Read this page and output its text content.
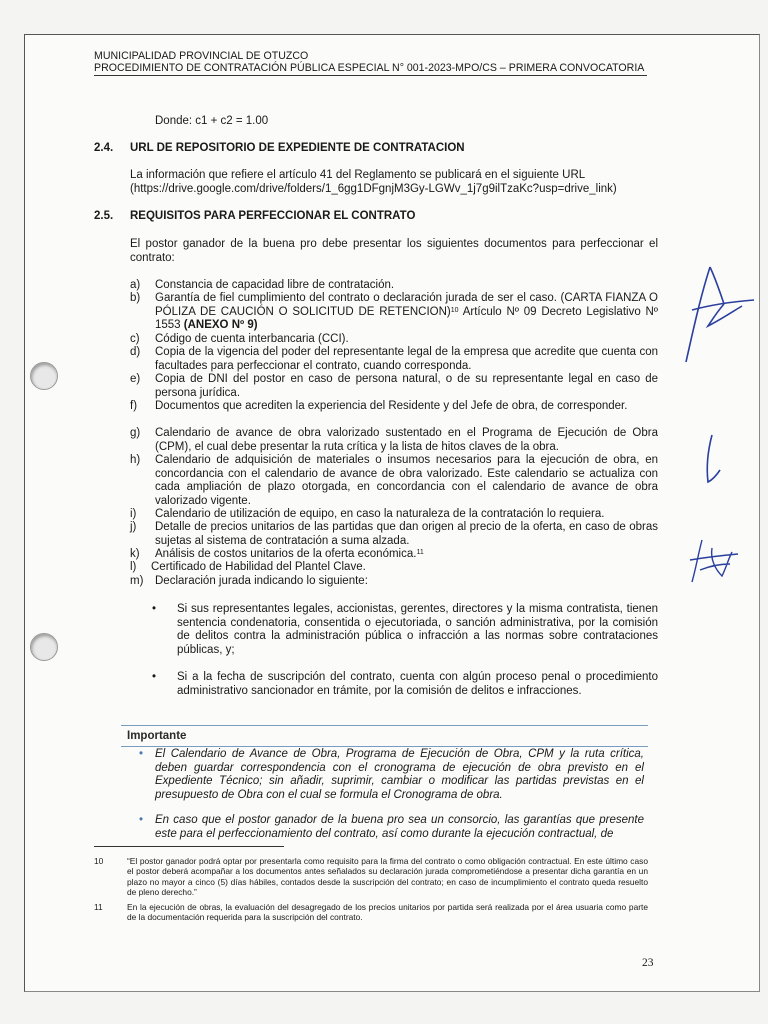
MUNICIPALIDAD PROVINCIAL DE OTUZCO
PROCEDIMIENTO DE CONTRATACIÓN PÚBLICA ESPECIAL N° 001-2023-MPO/CS – PRIMERA CONVOCATORIA
Donde: c1 + c2 = 1.00
2.4. URL DE REPOSITORIO DE EXPEDIENTE DE CONTRATACION
La información que refiere el artículo 41 del Reglamento se publicará en el siguiente URL
(https://drive.google.com/drive/folders/1_6gg1DFgnjM3Gy-LGWv_1j7g9ilTzaKc?usp=drive_link)
2.5. REQUISITOS PARA PERFECCIONAR EL CONTRATO
El postor ganador de la buena pro debe presentar los siguientes documentos para perfeccionar el contrato:
a) Constancia de capacidad libre de contratación.
b) Garantía de fiel cumplimiento del contrato o declaración jurada de ser el caso. (CARTA FIANZA O PÓLIZA DE CAUCIÓN O SOLICITUD DE RETENCION)$^{10}$ Artículo Nº 09 Decreto Legislativo Nº 1553 (ANEXO Nº 9)
c) Código de cuenta interbancaria (CCI).
d) Copia de la vigencia del poder del representante legal de la empresa que acredite que cuenta con facultades para perfeccionar el contrato, cuando corresponda.
e) Copia de DNI del postor en caso de persona natural, o de su representante legal en caso de persona jurídica.
f) Documentos que acrediten la experiencia del Residente y del Jefe de obra, de corresponder.
g) Calendario de avance de obra valorizado sustentado en el Programa de Ejecución de Obra (CPM), el cual debe presentar la ruta crítica y la lista de hitos claves de la obra.
h) Calendario de adquisición de materiales o insumos necesarios para la ejecución de obra, en concordancia con el calendario de avance de obra valorizado. Este calendario se actualiza con cada ampliación de plazo otorgada, en concordancia con el calendario de avance de obra valorizado vigente.
i) Calendario de utilización de equipo, en caso la naturaleza de la contratación lo requiera.
j) Detalle de precios unitarios de las partidas que dan origen al precio de la oferta, en caso de obras sujetas al sistema de contratación a suma alzada.
k) Análisis de costos unitarios de la oferta económica.$^{11}$
l) Certificado de Habilidad del Plantel Clave.
m) Declaración jurada indicando lo siguiente:
• Si sus representantes legales, accionistas, gerentes, directores y la misma contratista, tienen sentencia condenatoria, consentida o ejecutoriada, o sanción administrativa, por la comisión de delitos contra la administración pública o infracción a las normas sobre contrataciones públicas, y;
• Si a la fecha de suscripción del contrato, cuenta con algún proceso penal o procedimiento administrativo sancionador en trámite, por la comisión de delitos e infracciones.
Importante
• El Calendario de Avance de Obra, Programa de Ejecución de Obra, CPM y la ruta crítica, deben guardar correspondencia con el cronograma de ejecución de obra previsto en el Expediente Técnico; sin añadir, suprimir, cambiar o modificar las partidas previstas en el presupuesto de Obra con el cual se formula el Cronograma de obra.
• En caso que el postor ganador de la buena pro sea un consorcio, las garantías que presente este para el perfeccionamiento del contrato, así como durante la ejecución contractual, de
10	“El postor ganador podrá optar por presentarla como requisito para la firma del contrato o como obligación contractual. En este último caso el postor deberá acompañar a los documentos antes señalados su declaración jurada comprometiéndose a presentar dicha garantía en un plazo no mayor a cinco (5) días hábiles, contados desde la suscripción del contrato; en caso de incumplimiento el contrato queda resuelto de pleno derecho.”
11	En la ejecución de obras, la evaluación del desagregado de los precios unitarios por partida será realizada por el área usuaria como parte de la documentación requerida para la suscripción del contrato.
23
